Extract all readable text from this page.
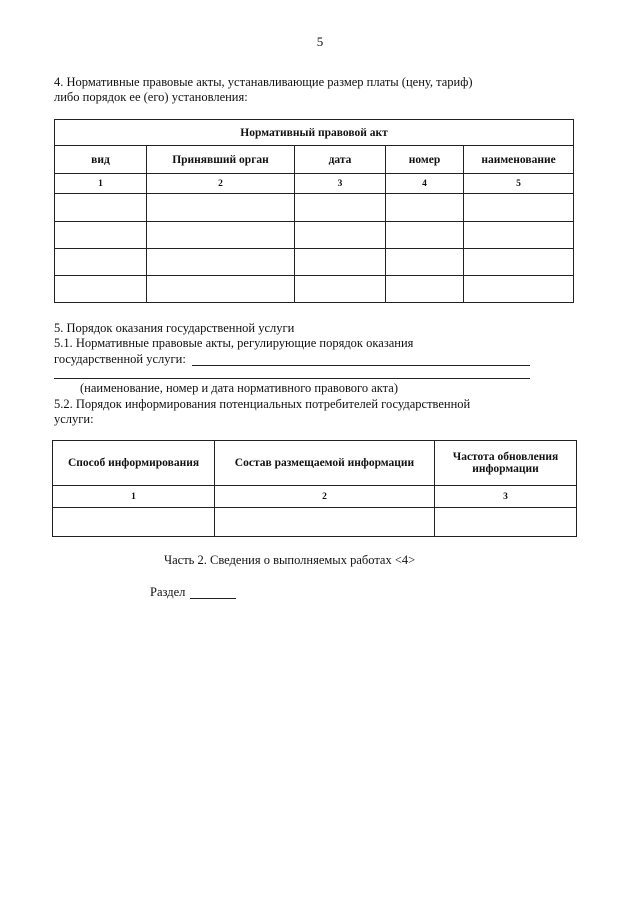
5
4. Нормативные правовые акты, устанавливающие размер платы (цену, тариф)
либо порядок ее (его) установления:
Нормативный правовой акт				
вид	Принявший орган	дата	номер	наименование
1	2	3	4	5

5. Порядок оказания государственной услуги
5.1. Нормативные правовые акты, регулирующие порядок оказания
государственной услуги:
(наименование, номер и дата нормативного правового акта)
5.2. Порядок информирования потенциальных потребителей государственной
услуги:
Способ информирования	Состав размещаемой информации	Частота обновления
информации

1	2	3

Часть 2. Сведения о выполняемых работах <4>
Раздел
